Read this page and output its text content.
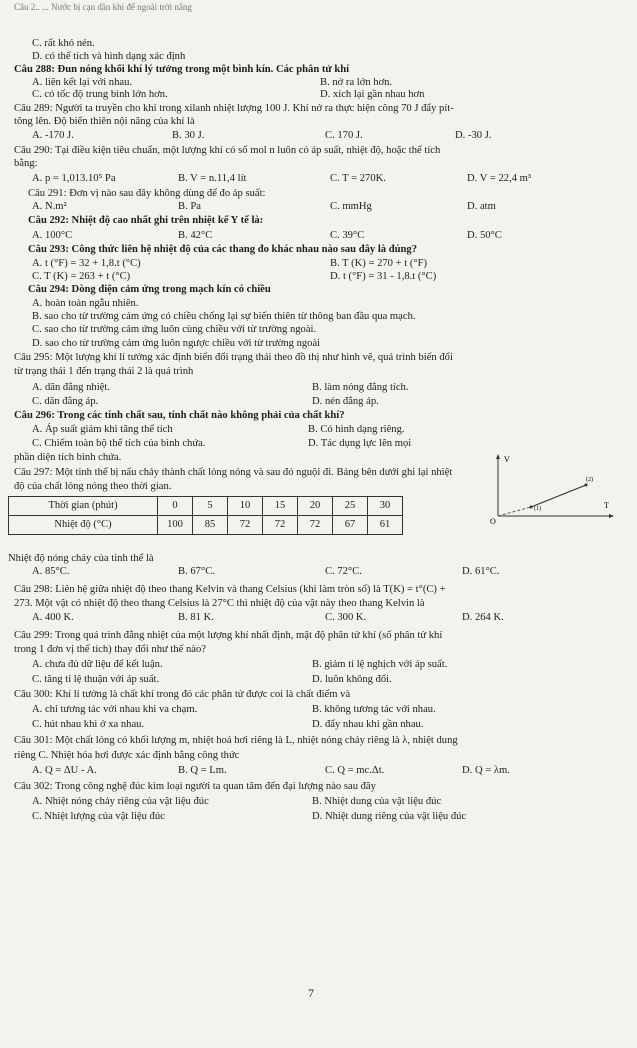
Câu 2.. ... Nước bị cạn dần khi để ngoài trời nắng
C. rất khó nén.
D. có thể tích và hình dạng xác định
Câu 288: Đun nóng khối khí lý tưởng trong một bình kín. Các phân tử khí
A. liên kết lại với nhau.	B. nở ra lớn hơn.
C. có tốc độ trung bình lớn hơn.	D. xích lại gần nhau hơn
Câu 289: Người ta truyền cho khí trong xilanh nhiệt lượng 100 J. Khí nở ra thực hiện công 70 J đẩy pít-
tông lên. Độ biến thiên nội năng của khí là
A. -170 J.	B. 30 J.	C. 170 J.	D. -30 J.
Câu 290: Tại điều kiện tiêu chuẩn, một lượng khí có số mol n luôn có áp suất, nhiệt độ, hoặc thể tích
bằng:
A. p = 1,013.10⁵ Pa	B. V = n.11,4 lít	C. T = 270K.	D. V = 22,4 m³
Câu 291: Đơn vị nào sau đây không dùng để đo áp suất:
A. N.m²	B. Pa	C. mmHg	D. atm
Câu 292: Nhiệt độ cao nhất ghi trên nhiệt kế Y tế là:
A. 100°C	B. 42°C	C. 39°C	D. 50°C
Câu 293: Công thức liên hệ nhiệt độ của các thang đo khác nhau nào sau đây là đúng?
A. t (°F) = 32 + 1,8.t (°C)	B. T (K) = 270 + t (°F)
C. T (K) = 263 + t (°C)	D. t (°F) = 31 - 1,8.t (°C)
Câu 294: Dòng điện cảm ứng trong mạch kín có chiều
A. hoàn toàn ngẫu nhiên.
B. sao cho từ trường cảm ứng có chiều chống lại sự biến thiên từ thông ban đầu qua mạch.
C. sao cho từ trường cảm ứng luôn cùng chiều với từ trường ngoài.
D. sao cho từ trường cảm ứng luôn ngược chiều với từ trường ngoài
Câu 295: Một lượng khí lí tưởng xác định biến đổi trạng thái theo đồ thị như hình vẽ, quá trình biến đổi
từ trạng thái 1 đến trạng thái 2 là quá trình
A. dãn đẳng nhiệt.	B. làm nóng đẳng tích.
C. dãn đẳng áp.	D. nén đẳng áp.
V
T
O
(1)
(2)
Câu 296: Trong các tính chất sau, tính chất nào không phải của chất khí?
A. Áp suất giảm khi tăng thể tích	B. Có hình dạng riêng.
C. Chiếm toàn bộ thể tích của bình chứa.	D. Tác dụng lực lên mọi
phần diện tích bình chứa.
Câu 297: Một tinh thể bị nấu chảy thành chất lỏng nóng và sau đó nguội đi. Bảng bên dưới ghi lại nhiệt
độ của chất lỏng nóng theo thời gian.
Thời gian (phút)	0	5	10	15	20	25	30
Nhiệt độ (°C)	100	85	72	72	72	67	61
Nhiệt độ nóng chảy của tinh thể là
A. 85°C.	B. 67°C.	C. 72°C.	D. 61°C.
Câu 298: Liên hệ giữa nhiệt độ theo thang Kelvin và thang Celsius (khi làm tròn số) là T(K) = t°(C) +
273. Một vật có nhiệt độ theo thang Celsius là 27°C thì nhiệt độ của vật này theo thang Kelvin là
A. 400 K.	B. 81 K.	C. 300 K.	D. 264 K.
Câu 299: Trong quá trình đẳng nhiệt của một lượng khí nhất định, mật độ phân tử khí (số phân tử khí
trong 1 đơn vị thể tích) thay đổi như thế nào?
A. chưa đủ dữ liệu để kết luận.	B. giảm tỉ lệ nghịch với áp suất.
C. tăng tỉ lệ thuận với áp suất.	D. luôn không đổi.
Câu 300: Khí lí tưởng là chất khí trong đó các phân tử được coi là chất điểm và
A. chỉ tương tác với nhau khi va chạm.	B. không tương tác với nhau.
C. hút nhau khi ở xa nhau.	D. đẩy nhau khi gần nhau.
Câu 301: Một chất lỏng có khối lượng m, nhiệt hoá hơi riêng là L, nhiệt nóng chảy riêng là λ, nhiệt dung
riêng C. Nhiệt hóa hơi được xác định bằng công thức
A. Q = ΔU - A.	B. Q = Lm.	C. Q = mc.Δt.	D. Q = λm.
Câu 302: Trong công nghệ đúc kim loại người ta quan tâm đến đại lượng nào sau đây
A. Nhiệt nóng chảy riêng của vật liệu đúc	B. Nhiệt dung của vật liệu đúc
C. Nhiệt lượng của vật liệu đúc	D. Nhiệt dung riêng của vật liệu đúc
7
